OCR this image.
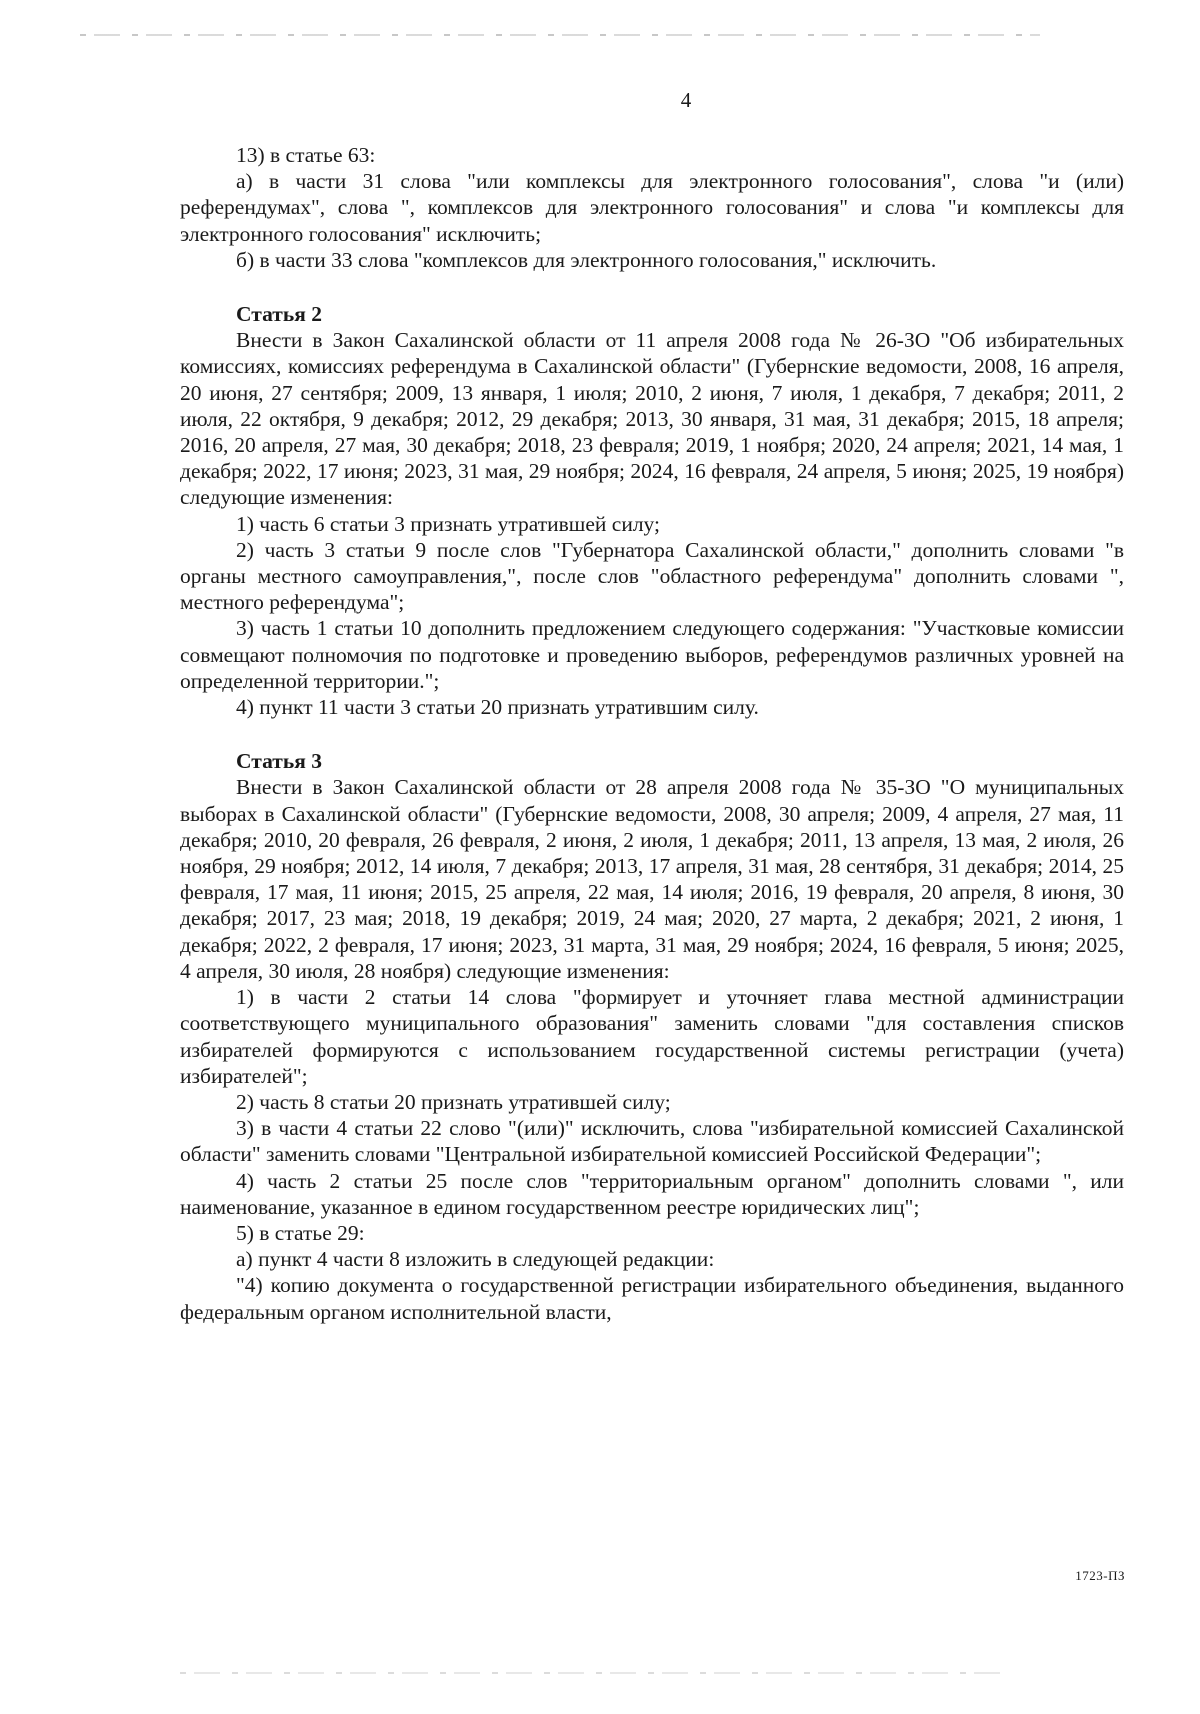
4

13) в статье 63:

а) в части 31 слова "или комплексы для электронного голосования", слова "и (или) референдумах", слова ", комплексов для электронного голосования" и слова "и комплексы для электронного голосования" исключить;

б) в части 33 слова "комплексов для электронного голосования," исключить.

Статья 2

Внести в Закон Сахалинской области от 11 апреля 2008 года № 26-ЗО "Об избирательных комиссиях, комиссиях референдума в Сахалинской области" (Губернские ведомости, 2008, 16 апреля, 20 июня, 27 сентября; 2009, 13 января, 1 июля; 2010, 2 июня, 7 июля, 1 декабря, 7 декабря; 2011, 2 июля, 22 октября, 9 декабря; 2012, 29 декабря; 2013, 30 января, 31 мая, 31 декабря; 2015, 18 апреля; 2016, 20 апреля, 27 мая, 30 декабря; 2018, 23 февраля; 2019, 1 ноября; 2020, 24 апреля; 2021, 14 мая, 1 декабря; 2022, 17 июня; 2023, 31 мая, 29 ноября; 2024, 16 февраля, 24 апреля, 5 июня; 2025, 19 ноября) следующие изменения:

1) часть 6 статьи 3 признать утратившей силу;

2) часть 3 статьи 9 после слов "Губернатора Сахалинской области," дополнить словами "в органы местного самоуправления,", после слов "областного референдума" дополнить словами ", местного референдума";

3) часть 1 статьи 10 дополнить предложением следующего содержания: "Участковые комиссии совмещают полномочия по подготовке и проведению выборов, референдумов различных уровней на определенной территории.";

4) пункт 11 части 3 статьи 20 признать утратившим силу.

Статья 3

Внести в Закон Сахалинской области от 28 апреля 2008 года № 35-ЗО "О муниципальных выборах в Сахалинской области" (Губернские ведомости, 2008, 30 апреля; 2009, 4 апреля, 27 мая, 11 декабря; 2010, 20 февраля, 26 февраля, 2 июня, 2 июля, 1 декабря; 2011, 13 апреля, 13 мая, 2 июля, 26 ноября, 29 ноября; 2012, 14 июля, 7 декабря; 2013, 17 апреля, 31 мая, 28 сентября, 31 декабря; 2014, 25 февраля, 17 мая, 11 июня; 2015, 25 апреля, 22 мая, 14 июля; 2016, 19 февраля, 20 апреля, 8 июня, 30 декабря; 2017, 23 мая; 2018, 19 декабря; 2019, 24 мая; 2020, 27 марта, 2 декабря; 2021, 2 июня, 1 декабря; 2022, 2 февраля, 17 июня; 2023, 31 марта, 31 мая, 29 ноября; 2024, 16 февраля, 5 июня; 2025, 4 апреля, 30 июля, 28 ноября) следующие изменения:

1) в части 2 статьи 14 слова "формирует и уточняет глава местной администрации соответствующего муниципального образования" заменить словами "для составления списков избирателей формируются с использованием государственной системы регистрации (учета) избирателей";

2) часть 8 статьи 20 признать утратившей силу;

3) в части 4 статьи 22 слово "(или)" исключить, слова "избирательной комиссией Сахалинской области" заменить словами "Центральной избирательной комиссией Российской Федерации";

4) часть 2 статьи 25 после слов "территориальным органом" дополнить словами ", или наименование, указанное в едином государственном реестре юридических лиц";

5) в статье 29:

а) пункт 4 части 8 изложить в следующей редакции:

"4) копию документа о государственной регистрации избирательного объединения, выданного федеральным органом исполнительной власти,

1723-ПЗ
